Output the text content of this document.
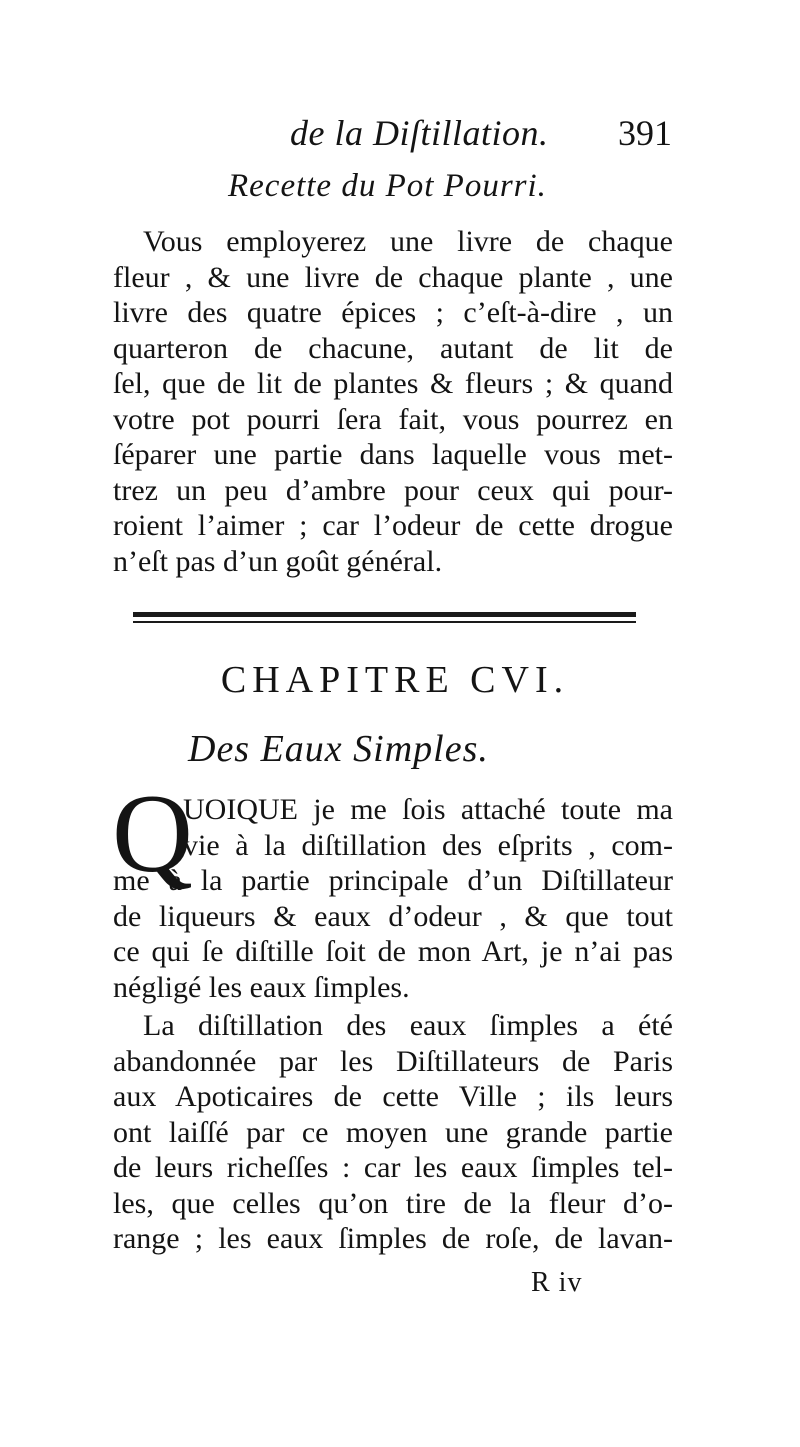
de la Diſtillation. 391
Recette du Pot Pourri.
Vous employerez une livre de chaque
fleur , & une livre de chaque plante , une
livre des quatre épices ; c’eſt-à-dire , un
quarteron de chacune, autant de lit de
ſel, que de lit de plantes & fleurs ; & quand
votre pot pourri ſera fait, vous pourrez en
ſéparer une partie dans laquelle vous met-
trez un peu d’ambre pour ceux qui pour-
roient l’aimer ; car l’odeur de cette drogue
n’eſt pas d’un goût général.
CHAPITRE CVI.
Des Eaux Simples.
Q
UOIQUE je me ſois attaché toute ma
vie à la diſtillation des eſprits , com-
me à la partie principale d’un Diſtillateur
de liqueurs & eaux d’odeur , & que tout
ce qui ſe diſtille ſoit de mon Art, je n’ai pas
négligé les eaux ſimples.
La diſtillation des eaux ſimples a été
abandonnée par les Diſtillateurs de Paris
aux Apoticaires de cette Ville ; ils leurs
ont laiſſé par ce moyen une grande partie
de leurs richeſſes : car les eaux ſimples tel-
les, que celles qu’on tire de la fleur d’o-
range ; les eaux ſimples de roſe, de lavan-
R iv
